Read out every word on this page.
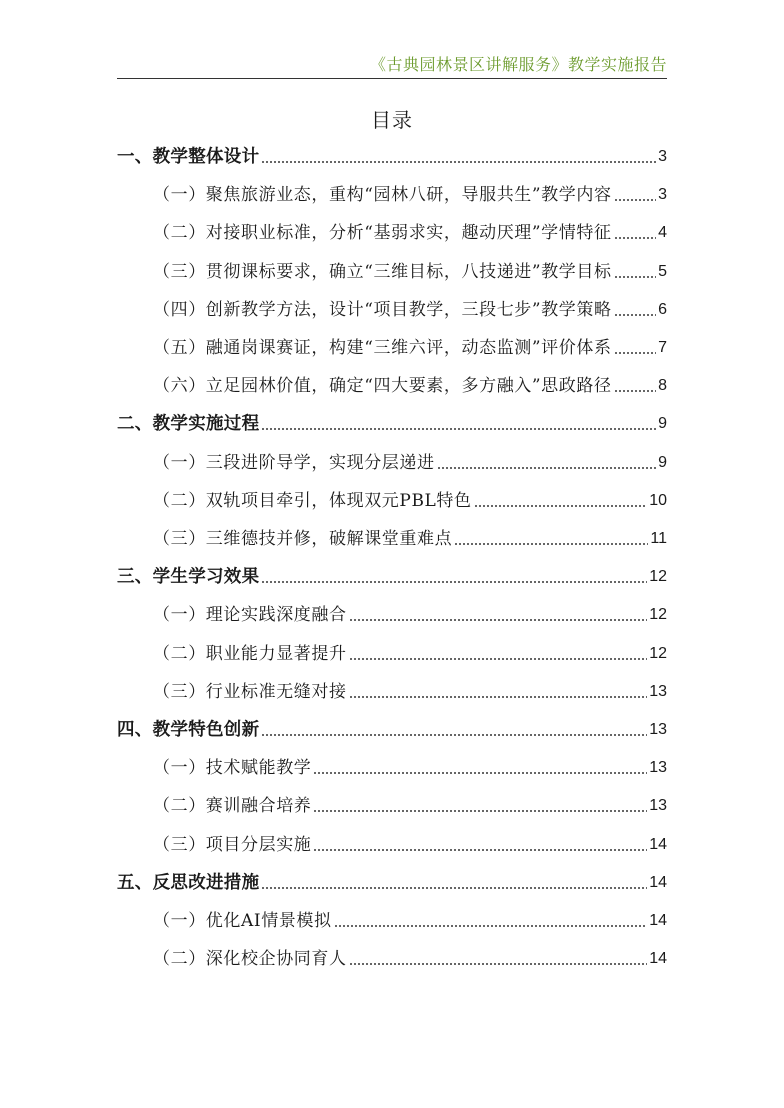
《古典园林景区讲解服务》教学实施报告
目录
一、教学整体设计	3
（一）聚焦旅游业态，重构“园林八研，导服共生”教学内容	3
（二）对接职业标准，分析“基弱求实，趣动厌理”学情特征	4
（三）贯彻课标要求，确立“三维目标，八技递进”教学目标	5
（四）创新教学方法，设计“项目教学，三段七步”教学策略	6
（五）融通岗课赛证，构建“三维六评，动态监测”评价体系	7
（六）立足园林价值，确定“四大要素，多方融入”思政路径	8
二、教学实施过程	9
（一）三段进阶导学，实现分层递进	9
（二）双轨项目牵引，体现双元PBL特色	10
（三）三维德技并修，破解课堂重难点	11
三、学生学习效果	12
（一）理论实践深度融合	12
（二）职业能力显著提升	12
（三）行业标准无缝对接	13
四、教学特色创新	13
（一）技术赋能教学	13
（二）赛训融合培养	13
（三）项目分层实施	14
五、反思改进措施	14
（一）优化AI情景模拟	14
（二）深化校企协同育人	14
